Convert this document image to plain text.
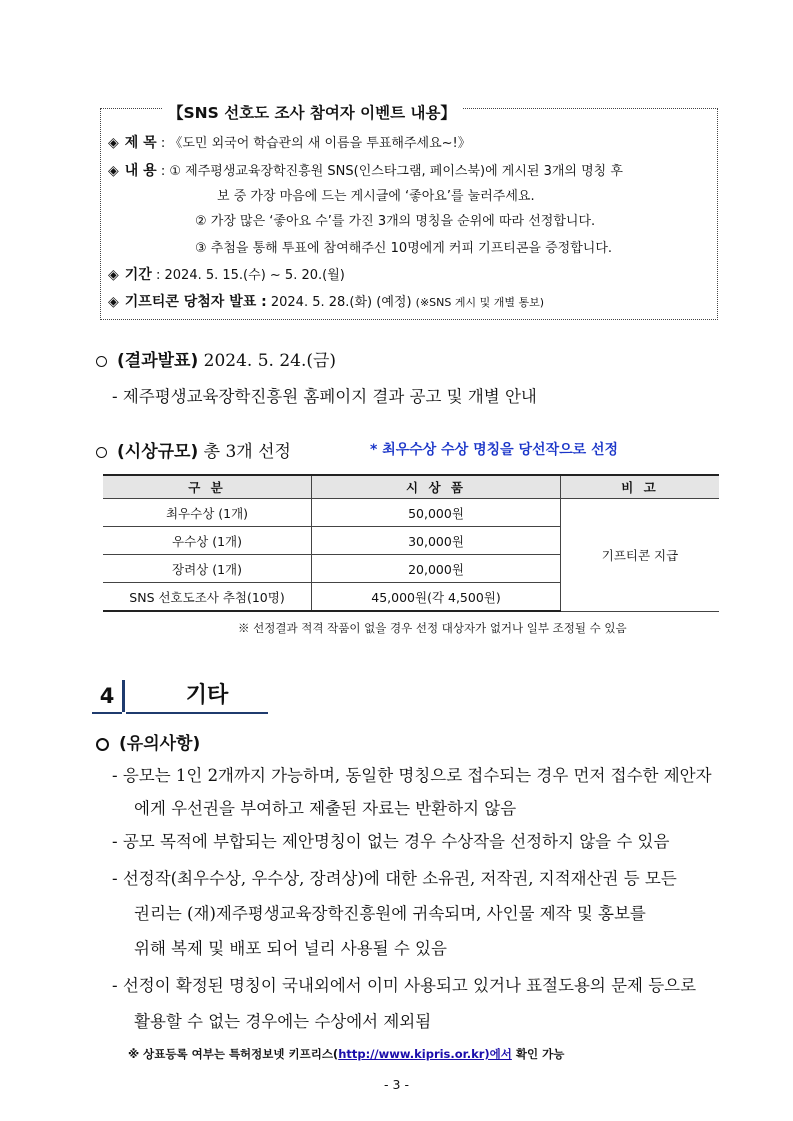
【SNS 선호도 조사 참여자 이벤트 내용】
◈ 제 목 : 《도민 외국어 학습관의 새 이름을 투표해주세요~!》
◈ 내 용 : ① 제주평생교육장학진흥원 SNS(인스타그램, 페이스북)에 게시된 3개의 명칭 후
보 중 가장 마음에 드는 게시글에 ‘좋아요’를 눌러주세요.
② 가장 많은 ‘좋아요 수’를 가진 3개의 명칭을 순위에 따라 선정합니다.
③ 추첨을 통해 투표에 참여해주신 10명에게 커피 기프티콘을 증정합니다.
◈ 기간 : 2024. 5. 15.(수) ~ 5. 20.(월)
◈ 기프티콘 당첨자 발표 : 2024. 5. 28.(화) (예정) (※SNS 게시 및 개별 통보)
(결과발표) 2024. 5. 24.(금)
- 제주평생교육장학진흥원 홈페이지 결과 공고 및 개별 안내
(시상규모) 총 3개 선정	* 최우수상 수상 명칭을 당선작으로 선정
구 분	시 상 품	비 고
최우수상 (1개)	50,000원	기프티콘 지급
우수상 (1개)	30,000원	
장려상 (1개)	20,000원	
SNS 선호도조사 추첨(10명)	45,000원(각 4,500원)	
※ 선정결과 적격 작품이 없을 경우 선정 대상자가 없거나 일부 조정될 수 있음
4	기타
(유의사항)
- 응모는 1인 2개까지 가능하며, 동일한 명칭으로 접수되는 경우 먼저 접수한 제안자
에게 우선권을 부여하고 제출된 자료는 반환하지 않음
- 공모 목적에 부합되는 제안명칭이 없는 경우 수상작을 선정하지 않을 수 있음
- 선정작(최우수상, 우수상, 장려상)에 대한 소유권, 저작권, 지적재산권 등 모든
권리는 (재)제주평생교육장학진흥원에 귀속되며, 사인물 제작 및 홍보를
위해 복제 및 배포 되어 널리 사용될 수 있음
- 선정이 확정된 명칭이 국내외에서 이미 사용되고 있거나 표절도용의 문제 등으로
활용할 수 없는 경우에는 수상에서 제외됨
※ 상표등록 여부는 특허정보넷 키프리스(http://www.kipris.or.kr)에서 확인 가능
- 3 -
